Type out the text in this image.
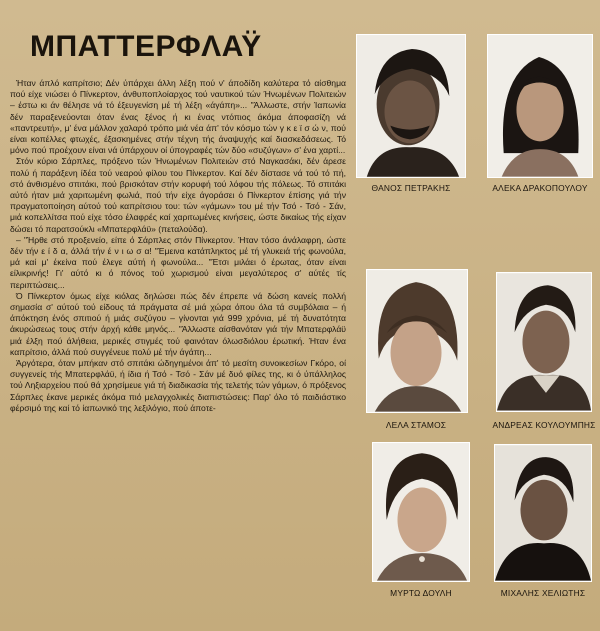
ΜΠΑΤΤΕΡΦΛΑΫ

Ήταν άπλό καπρίτσιο; Δέν ύπάρχει άλλη λέξη πού ν' άποδίδη καλύτερα τό αίσθημα πού είχε νιώσει ό Πίνκερτον, άνθυποπλοίαρχος τού ναυτικού τών Ήνωμένων Πολιτειών – έστω κι άν θέλησε νά τό έξευγενίση μέ τή λέξη «άγάπη»... "Άλλωστε, στήν Ίαπωνία δέν παραξενεύονται όταν ένας ξένος ή κι ένας ντόπιος άκόμα άποφασίζη νά «παντρευτή», μ' ένα μάλλον χαλαρό τρόπο μιά νέα άπ' τόν κόσμο τών γ κ ε ϊ σ ώ ν, πού είναι κοπέλλες φτωχές, έξασκημένες στήν τέχνη τής άναψυχής καί διασκεδάσεως. Τό μόνο πού προέχουν είναι νά ύπάρχουν οί ύπογραφές τών δύο «συζύγων» σ' ένα χαρτί...

Στόν κύριο Σάρπλες, πρόξενο τών Ήνωμένων Πολιτειών στό Ναγκασάκι, δέν άρεσε πολύ ή παράξενη ίδέα τού νεαρού φίλου του Πίνκερτον. Καί δέν δίστασε νά τού τό πή, στό άνθισμένο σπιτάκι, πού βρισκόταν στήν κορυφή τού λόφου τής πόλεως. Τό σπιτάκι αύτό ήταν μιά χαριτωμένη φωλιά, πού τήν είχε άγοράσει ό Πίνκερτον έπίσης γιά τήν πραγματοποίηση αύτού τού καπρίτσιου του: τών «γάμων» του μέ τήν Τσό - Τσό - Σάν, μιά κοπελλίτσα πού είχε τόσο έλαφρές καί χαριτωμένες κινήσεις, ώστε δικαίως τής είχαν δώσει τό παρατσούκλι «Μπατερφλάϋ» (πεταλούδα).

– "Ήρθε στό προξενείο, είπε ό Σάρπλες στόν Πίνκερτον. Ήταν τόσο άνάλαφρη, ώστε δέν τήν ε ί δ α, άλλά τήν έ ν ι ω σ α! "Έμεινα κατάπληκτος μέ τή γλυκειά τής φωνούλα, μά καί μ' έκείνα πού έλεγε αύτή ή φωνούλα... "Έτσι μιλάει ό έρωτας, όταν είναι είλικρινής! Γι' αύτό κι ό πόνος τού χωρισμού είναι μεγαλύτερος σ' αύτές τίς περιπτώσεις...

Ό Πίνκερτον όμως είχε κιόλας δηλώσει πώς δέν έπρεπε νά δώση κανείς πολλή σημασία σ' αύτού τού είδους τά πράγματα σέ μιά χώρα όπου όλα τά συμβόλαια – ή άπόκτηση ένός σπιτιού ή μιάς συζύγου – γίνονται γιά 999 χρόνια, μέ τή δυνατότητα άκυρώσεως τους στήν άρχή κάθε μηνός... "Άλλωστε αίσθανόταν γιά τήν Μπατερφλάϋ μιά έλξη πού άλήθεια, μερικές στιγμές τού φαινόταν όλωσδιόλου έρωτική. Ήταν ένα καπρίτσιο, άλλά πού συγγένευε πολύ μέ τήν άγάπη...

Άργότερα, όταν μπήκαν στό σπιτάκι ώδηγημένοι άπ' τό μεσίτη συνοικεσίων Γκόρο, οί συγγενείς τής Μπατερφλάϋ, ή ίδια ή Τσό - Τσό - Σάν μέ δυό φίλες της, κι ό ύπάλληλος τού Ληξιαρχείου πού θά χρησίμευε γιά τή διαδικασία τής τελετής τών γάμων, ό πρόξενος Σάρπλες έκανε μερικές άκόμα πιό μελαγχολικές διαπιστώσεις: Παρ' όλο τό παιδιάστικο φέρσιμό της καί τό ίαπωνικό της λεξιλόγιο, πού άποτε-

ΘΑΝΟΣ ΠΕΤΡΑΚΗΣ	ΑΛΕΚΑ ΔΡΑΚΟΠΟΥΛΟΥ
ΛΕΛΑ ΣΤΑΜΟΣ	ΑΝΔΡΕΑΣ ΚΟΥΛΟΥΜΠΗΣ
ΜΥΡΤΩ ΔΟΥΛΗ	ΜΙΧΑΛΗΣ ΧΕΛΙΩΤΗΣ
